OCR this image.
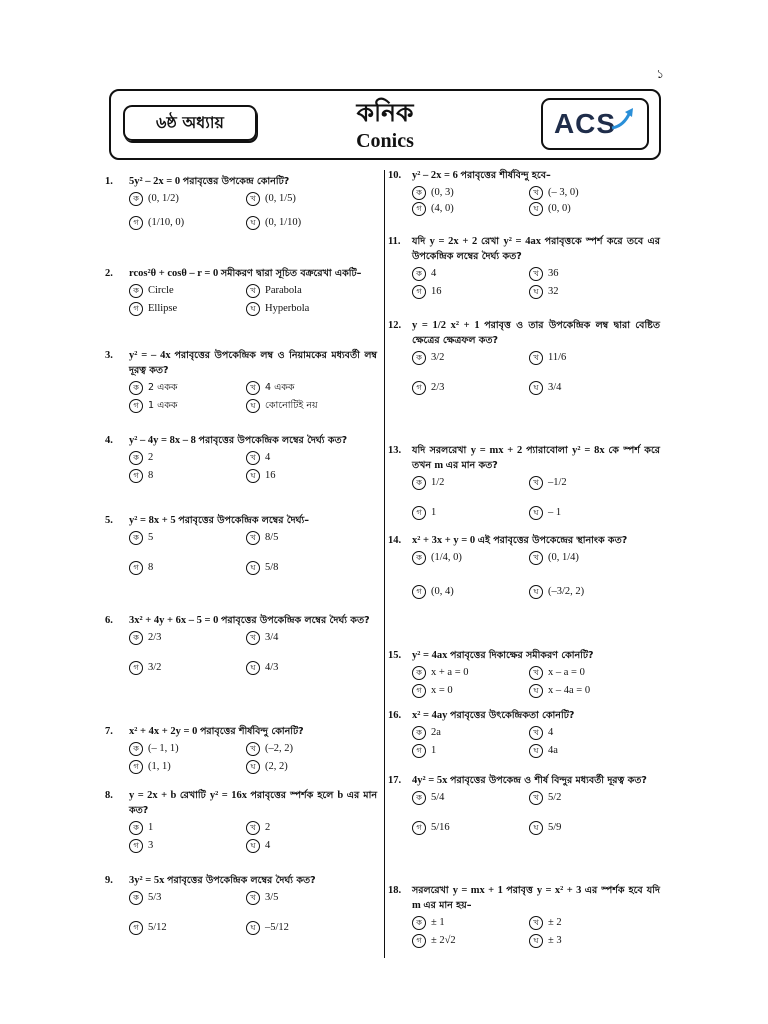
১
৬ষ্ঠ অধ্যায়	কনিক
Conics
ACS
1. 5y² – 2x = 0 পরাবৃত্তের উপকেন্দ্র কোনটি?
ক (0, 1/2)	খ (0, 1/5)
গ (1/10, 0)	ঘ (0, 1/10)
2. rcos²θ + cosθ – r = 0 সমীকরণ দ্বারা সূচিত বক্ররেখা একটি–
ক Circle	খ Parabola
গ Ellipse	ঘ Hyperbola
3. y² = – 4x পরাবৃত্তের উপকেন্দ্রিক লম্ব ও নিয়ামকের মধ্যবর্তী লম্ব দূরত্ব কত?
ক 2 একক	খ 4 একক
গ 1 একক	ঘ	কোনোটিই নয়
4. y² – 4y = 8x – 8 পরাবৃত্তের উপকেন্দ্রিক লম্বের দৈর্ঘ্য কত?
ক 2	খ 4
গ 8	ঘ 16
5. y² = 8x + 5 পরাবৃত্তের উপকেন্দ্রিক লম্বের দৈর্ঘ্য–
ক 5	খ 8/5
গ 8	ঘ 5/8
6. 3x² + 4y + 6x – 5 = 0 পরাবৃত্তের উপকেন্দ্রিক লম্বের দৈর্ঘ্য কত?
ক 2/3	খ 3/4
গ 3/2	ঘ 4/3
7. x² + 4x + 2y = 0 পরাবৃত্তের শীর্ষবিন্দু কোনটি?
ক (– 1, 1)	খ (–2, 2)
গ (1, 1)	ঘ (2, 2)
8. y = 2x + b রেখাটি y² = 16x পরাবৃত্তের স্পর্শক হলে b এর মান কত?
ক 1	খ 2
গ 3	ঘ 4
9. 3y² = 5x পরাবৃত্তের উপকেন্দ্রিক লম্বের দৈর্ঘ্য কত?
ক 5/3	খ 3/5
গ 5/12	ঘ –5/12
10. y² – 2x = 6 পরাবৃত্তের শীর্ষবিন্দু হবে–
ক (0, 3)	খ (– 3, 0)
গ (4, 0)	ঘ (0, 0)
11. যদি y = 2x + 2 রেখা y² = 4ax পরাবৃত্তকে স্পর্শ করে তবে এর উপকেন্দ্রিক লম্বের দৈর্ঘ্য কত?
ক 4	খ 36
গ 16	ঘ 32
12. y = 1/2 x² + 1 পরাবৃত্ত ও তার উপকেন্দ্রিক লম্ব দ্বারা বেষ্টিত ক্ষেত্রের ক্ষেত্রফল কত?
ক 3/2	খ 11/6
গ 2/3	ঘ 3/4
13. যদি সরলরেখা y = mx + 2 প্যারাবোলা y² = 8x কে স্পর্শ করে তখন m এর মান কত?
ক 1/2	খ –1/2
গ 1	ঘ – 1
14. x² + 3x + y = 0 এই পরাবৃত্তের উপকেন্দ্রের স্থানাংক কত?
ক (1/4, 0)	খ (0, 1/4)
গ (0, 4)	ঘ (–3/2, 2)
15. y² = 4ax পরাবৃত্তের দিকাক্ষের সমীকরণ কোনটি?
ক x + a = 0	খ x – a = 0
গ x = 0	ঘ x – 4a = 0
16. x² = 4ay পরাবৃত্তের উৎকেন্দ্রিকতা কোনটি?
ক 2a	খ 4
গ 1	ঘ 4a
17. 4y² = 5x পরাবৃত্তের উপকেন্দ্র ও শীর্ষ বিন্দুর মধ্যবর্তী দূরত্ব কত?
ক 5/4	খ 5/2
গ 5/16	ঘ 5/9
18. সরলরেখা y = mx + 1 পরাবৃত্ত y = x² + 3 এর স্পর্শক হবে যদি m এর মান হয়–
ক ± 1	খ ± 2
গ ± 2√2	ঘ ± 3
